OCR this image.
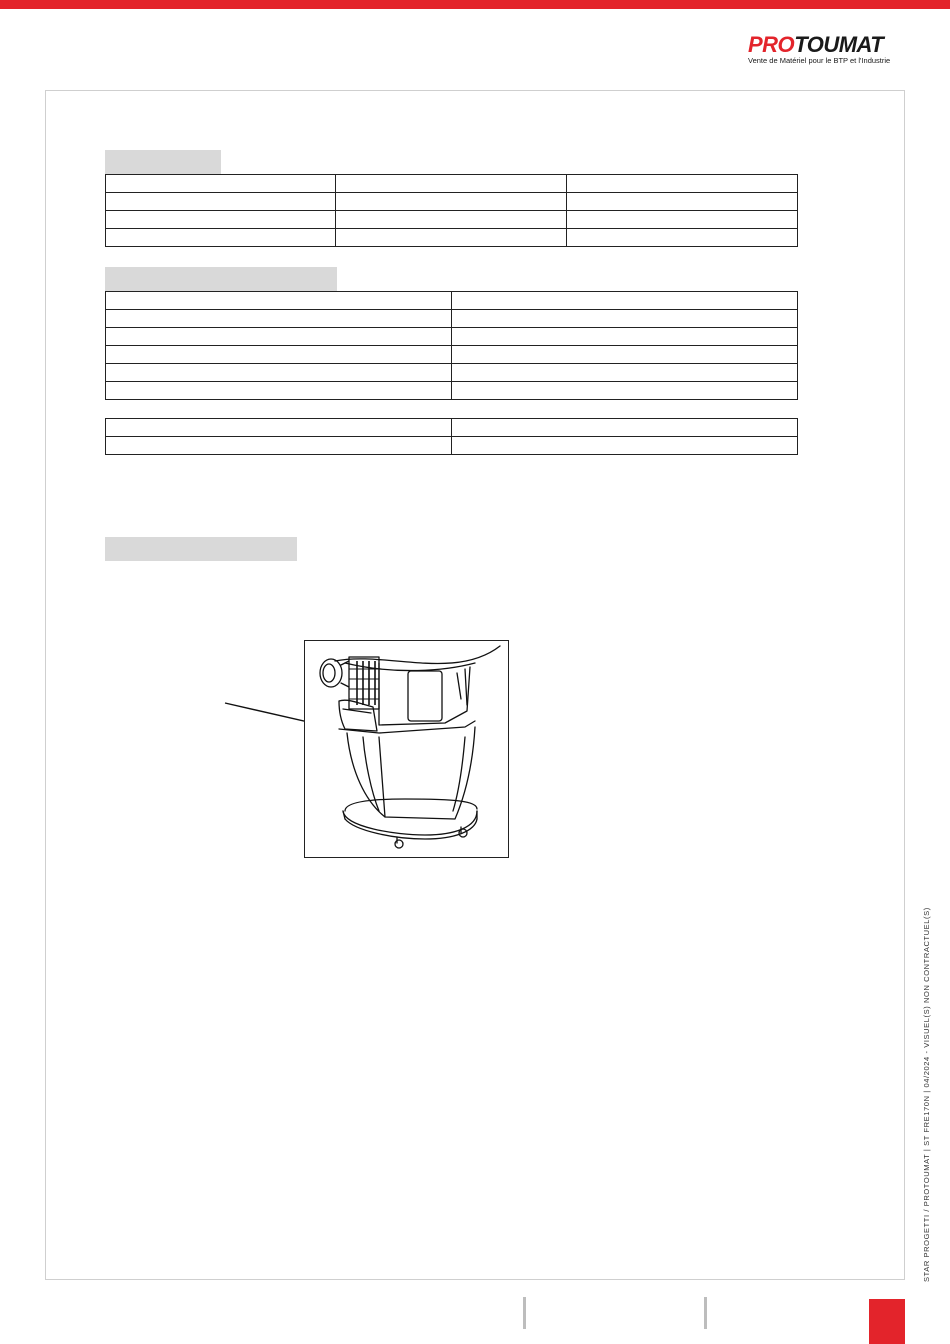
PROTOUMAT
Vente de Matériel pour le BTP et l'Industrie

STAR PROGETTI / PROTOUMAT | ST FRE170N | 04/2024 - VISUEL(S) NON CONTRACTUEL(S)
